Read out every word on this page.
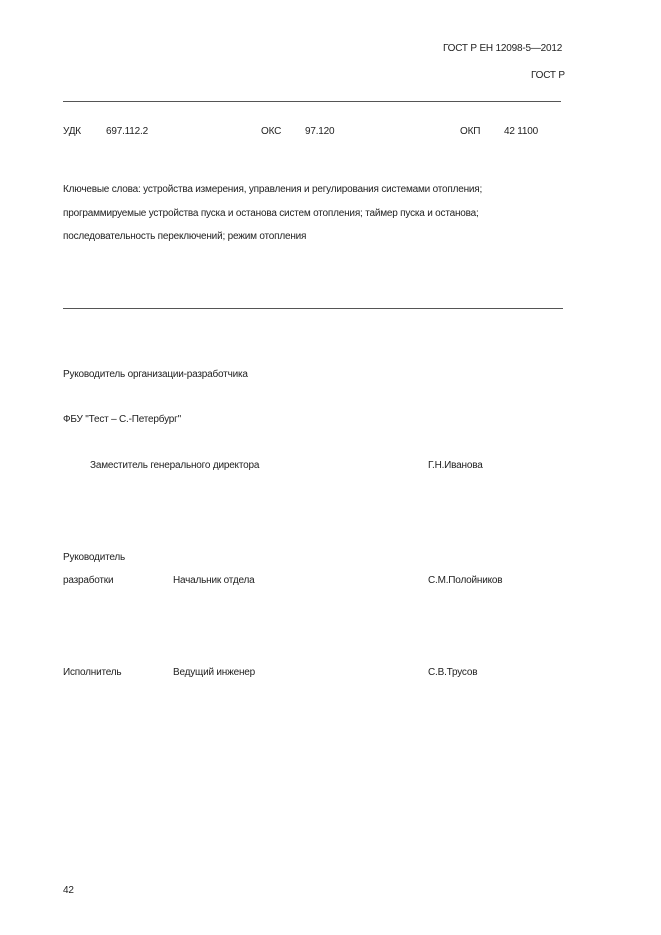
ГОСТ Р ЕН 12098-5—2012
ГОСТ Р
УДК	697.112.2	ОКС 97.120	ОКП 42 1100
Ключевые слова: устройства измерения, управления и регулирования системами отопления;
программируемые устройства пуска и останова систем отопления; таймер пуска и останова;
последовательность переключений; режим отопления
Руководитель организации-разработчика
ФБУ "Тест – С.-Петербург"
Заместитель генерального директора	Г.Н.Иванова
Руководитель
разработки	Начальник отдела	С.М.Полойников
Исполнитель	Ведущий инженер	С.В.Трусов
42
